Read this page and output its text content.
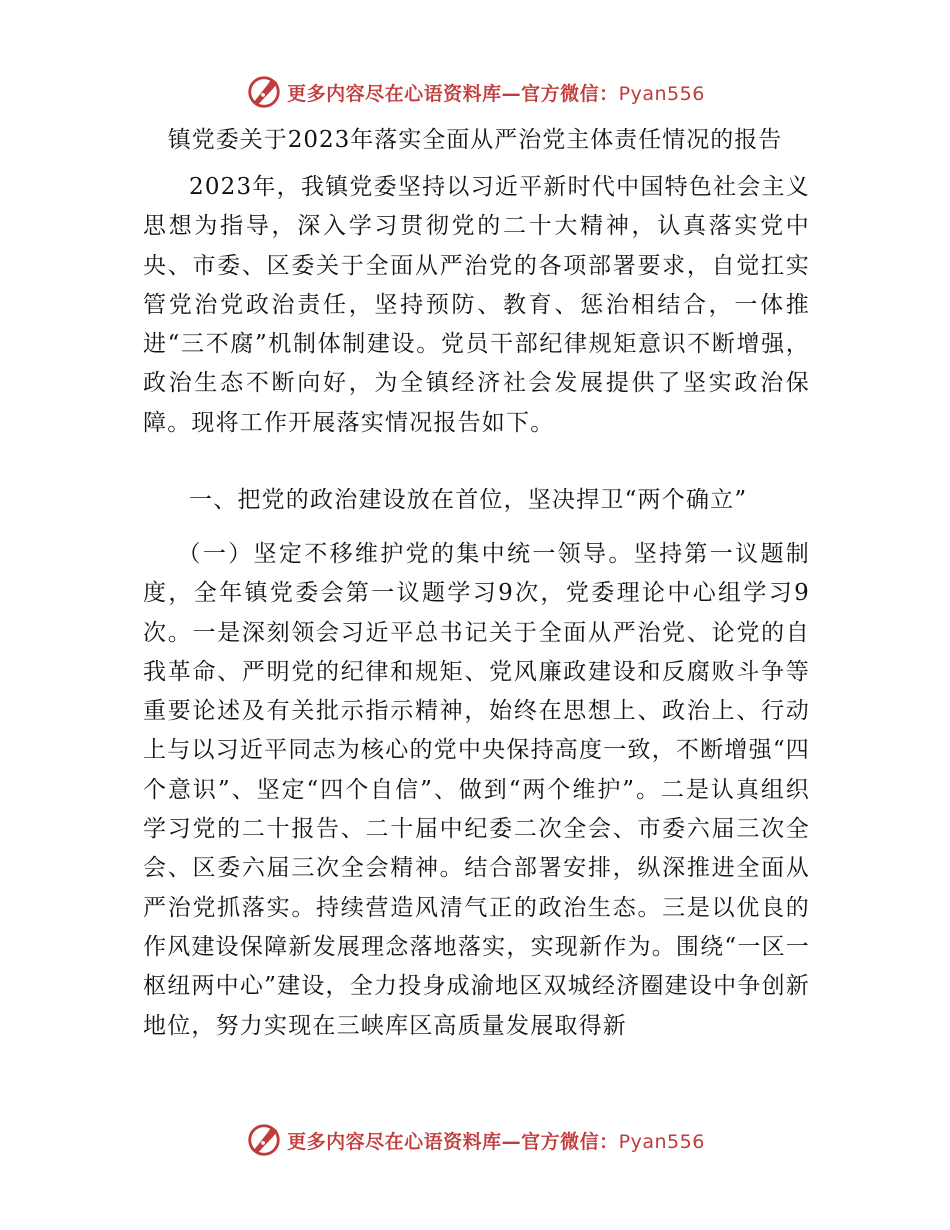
更多内容尽在心语资料库—官方微信：Pyan556
镇党委关于2023年落实全面从严治党主体责任情况的报告

2023年，我镇党委坚持以习近平新时代中国特色社会主义思想为指导，深入学习贯彻党的二十大精神，认真落实党中央、市委、区委关于全面从严治党的各项部署要求，自觉扛实管党治党政治责任，坚持预防、教育、惩治相结合，一体推进“三不腐”机制体制建设。党员干部纪律规矩意识不断增强，政治生态不断向好，为全镇经济社会发展提供了坚实政治保障。现将工作开展落实情况报告如下。

一、把党的政治建设放在首位，坚决捍卫“两个确立”

（一）坚定不移维护党的集中统一领导。坚持第一议题制度，全年镇党委会第一议题学习9次，党委理论中心组学习9次。一是深刻领会习近平总书记关于全面从严治党、论党的自我革命、严明党的纪律和规矩、党风廉政建设和反腐败斗争等重要论述及有关批示指示精神，始终在思想上、政治上、行动上与以习近平同志为核心的党中央保持高度一致，不断增强“四个意识”、坚定“四个自信”、做到“两个维护”。二是认真组织学习党的二十报告、二十届中纪委二次全会、市委六届三次全会、区委六届三次全会精神。结合部署安排，纵深推进全面从严治党抓落实。持续营造风清气正的政治生态。三是以优良的作风建设保障新发展理念落地落实，实现新作为。围绕“一区一枢纽两中心”建设，全力投身成渝地区双城经济圈建设中争创新地位，努力实现在三峡库区高质量发展取得新

更多内容尽在心语资料库—官方微信：Pyan556
